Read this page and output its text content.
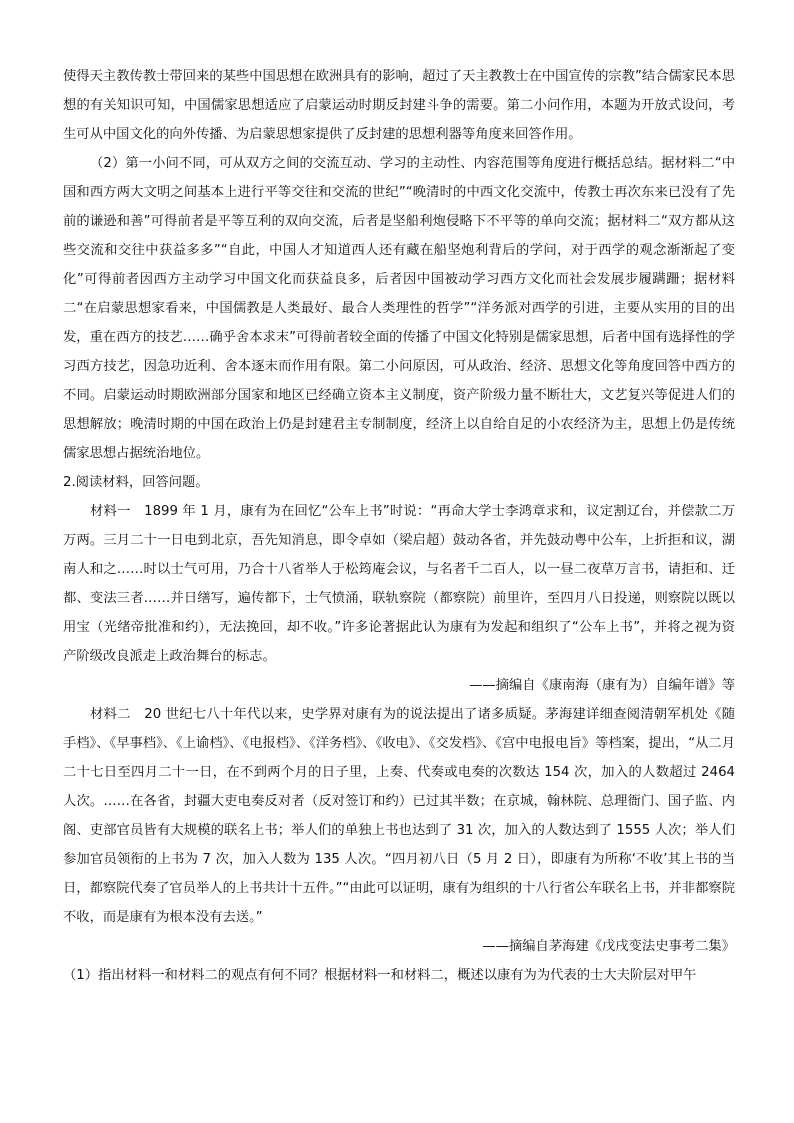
使得天主教传教士带回来的某些中国思想在欧洲具有的影响，超过了天主教教士在中国宣传的宗教”结合儒家民本思想的有关知识可知，中国儒家思想适应了启蒙运动时期反封建斗争的需要。第二小问作用，本题为开放式设问，考生可从中国文化的向外传播、为启蒙思想家提供了反封建的思想利器等角度来回答作用。

（2）第一小问不同，可从双方之间的交流互动、学习的主动性、内容范围等角度进行概括总结。据材料二“中国和西方两大文明之间基本上进行平等交往和交流的世纪”“晚清时的中西文化交流中，传教士再次东来已没有了先前的谦逊和善”可得前者是平等互利的双向交流，后者是坚船利炮侵略下不平等的单向交流；据材料二“双方都从这些交流和交往中获益多多”“自此，中国人才知道西人还有藏在船坚炮利背后的学问，对于西学的观念渐渐起了变化”可得前者因西方主动学习中国文化而获益良多，后者因中国被动学习西方文化而社会发展步履蹒跚；据材料二“在启蒙思想家看来，中国儒教是人类最好、最合人类理性的哲学”“洋务派对西学的引进，主要从实用的目的出发，重在西方的技艺……确乎舍本求末”可得前者较全面的传播了中国文化特别是儒家思想，后者中国有选择性的学习西方技艺，因急功近利、舍本逐末而作用有限。第二小问原因，可从政治、经济、思想文化等角度回答中西方的不同。启蒙运动时期欧洲部分国家和地区已经确立资本主义制度，资产阶级力量不断壮大，文艺复兴等促进人们的思想解放；晚清时期的中国在政治上仍是封建君主专制制度，经济上以自给自足的小农经济为主，思想上仍是传统儒家思想占据统治地位。

2.阅读材料，回答问题。

材料一　1899 年 1 月，康有为在回忆“公车上书”时说：“再命大学士李鸿章求和，议定割辽台，并偿款二万万两。三月二十一日电到北京，吾先知消息，即令卓如（梁启超）鼓动各省，并先鼓动粤中公车，上折拒和议，湖南人和之……时以士气可用，乃合十八省举人于松筠庵会议，与名者千二百人，以一昼二夜草万言书，请拒和、迁都、变法三者……并日缮写，遍传都下，士气愤涌，联轨察院（都察院）前里许，至四月八日投递，则察院以既以用宝（光绪帝批准和约），无法挽回，却不收。”许多论著据此认为康有为发起和组织了“公车上书”，并将之视为资产阶级改良派走上政治舞台的标志。

——摘编自《康南海（康有为）自编年谱》等

材料二　20 世纪七八十年代以来，史学界对康有为的说法提出了诸多质疑。茅海建详细查阅清朝军机处《随手档》、《早事档》、《上谕档》、《电报档》、《洋务档》、《收电》、《交发档》、《宫中电报电旨》等档案，提出，“从二月二十七日至四月二十一日，在不到两个月的日子里，上奏、代奏或电奏的次数达 154 次，加入的人数超过 2464 人次。……在各省，封疆大吏电奏反对者（反对签订和约）已过其半数；在京城，翰林院、总理衙门、国子监、内阁、吏部官员皆有大规模的联名上书；举人们的单独上书也达到了 31 次，加入的人数达到了 1555 人次；举人们参加官员领衔的上书为 7 次，加入人数为 135 人次。“四月初八日（5 月 2 日），即康有为所称‘不收’其上书的当日，都察院代奏了官员举人的上书共计十五件。”“由此可以证明，康有为组织的十八行省公车联名上书，并非都察院不收，而是康有为根本没有去送。”

——摘编自茅海建《戊戌变法史事考二集》

（1）指出材料一和材料二的观点有何不同？根据材料一和材料二，概述以康有为为代表的士大夫阶层对甲午
